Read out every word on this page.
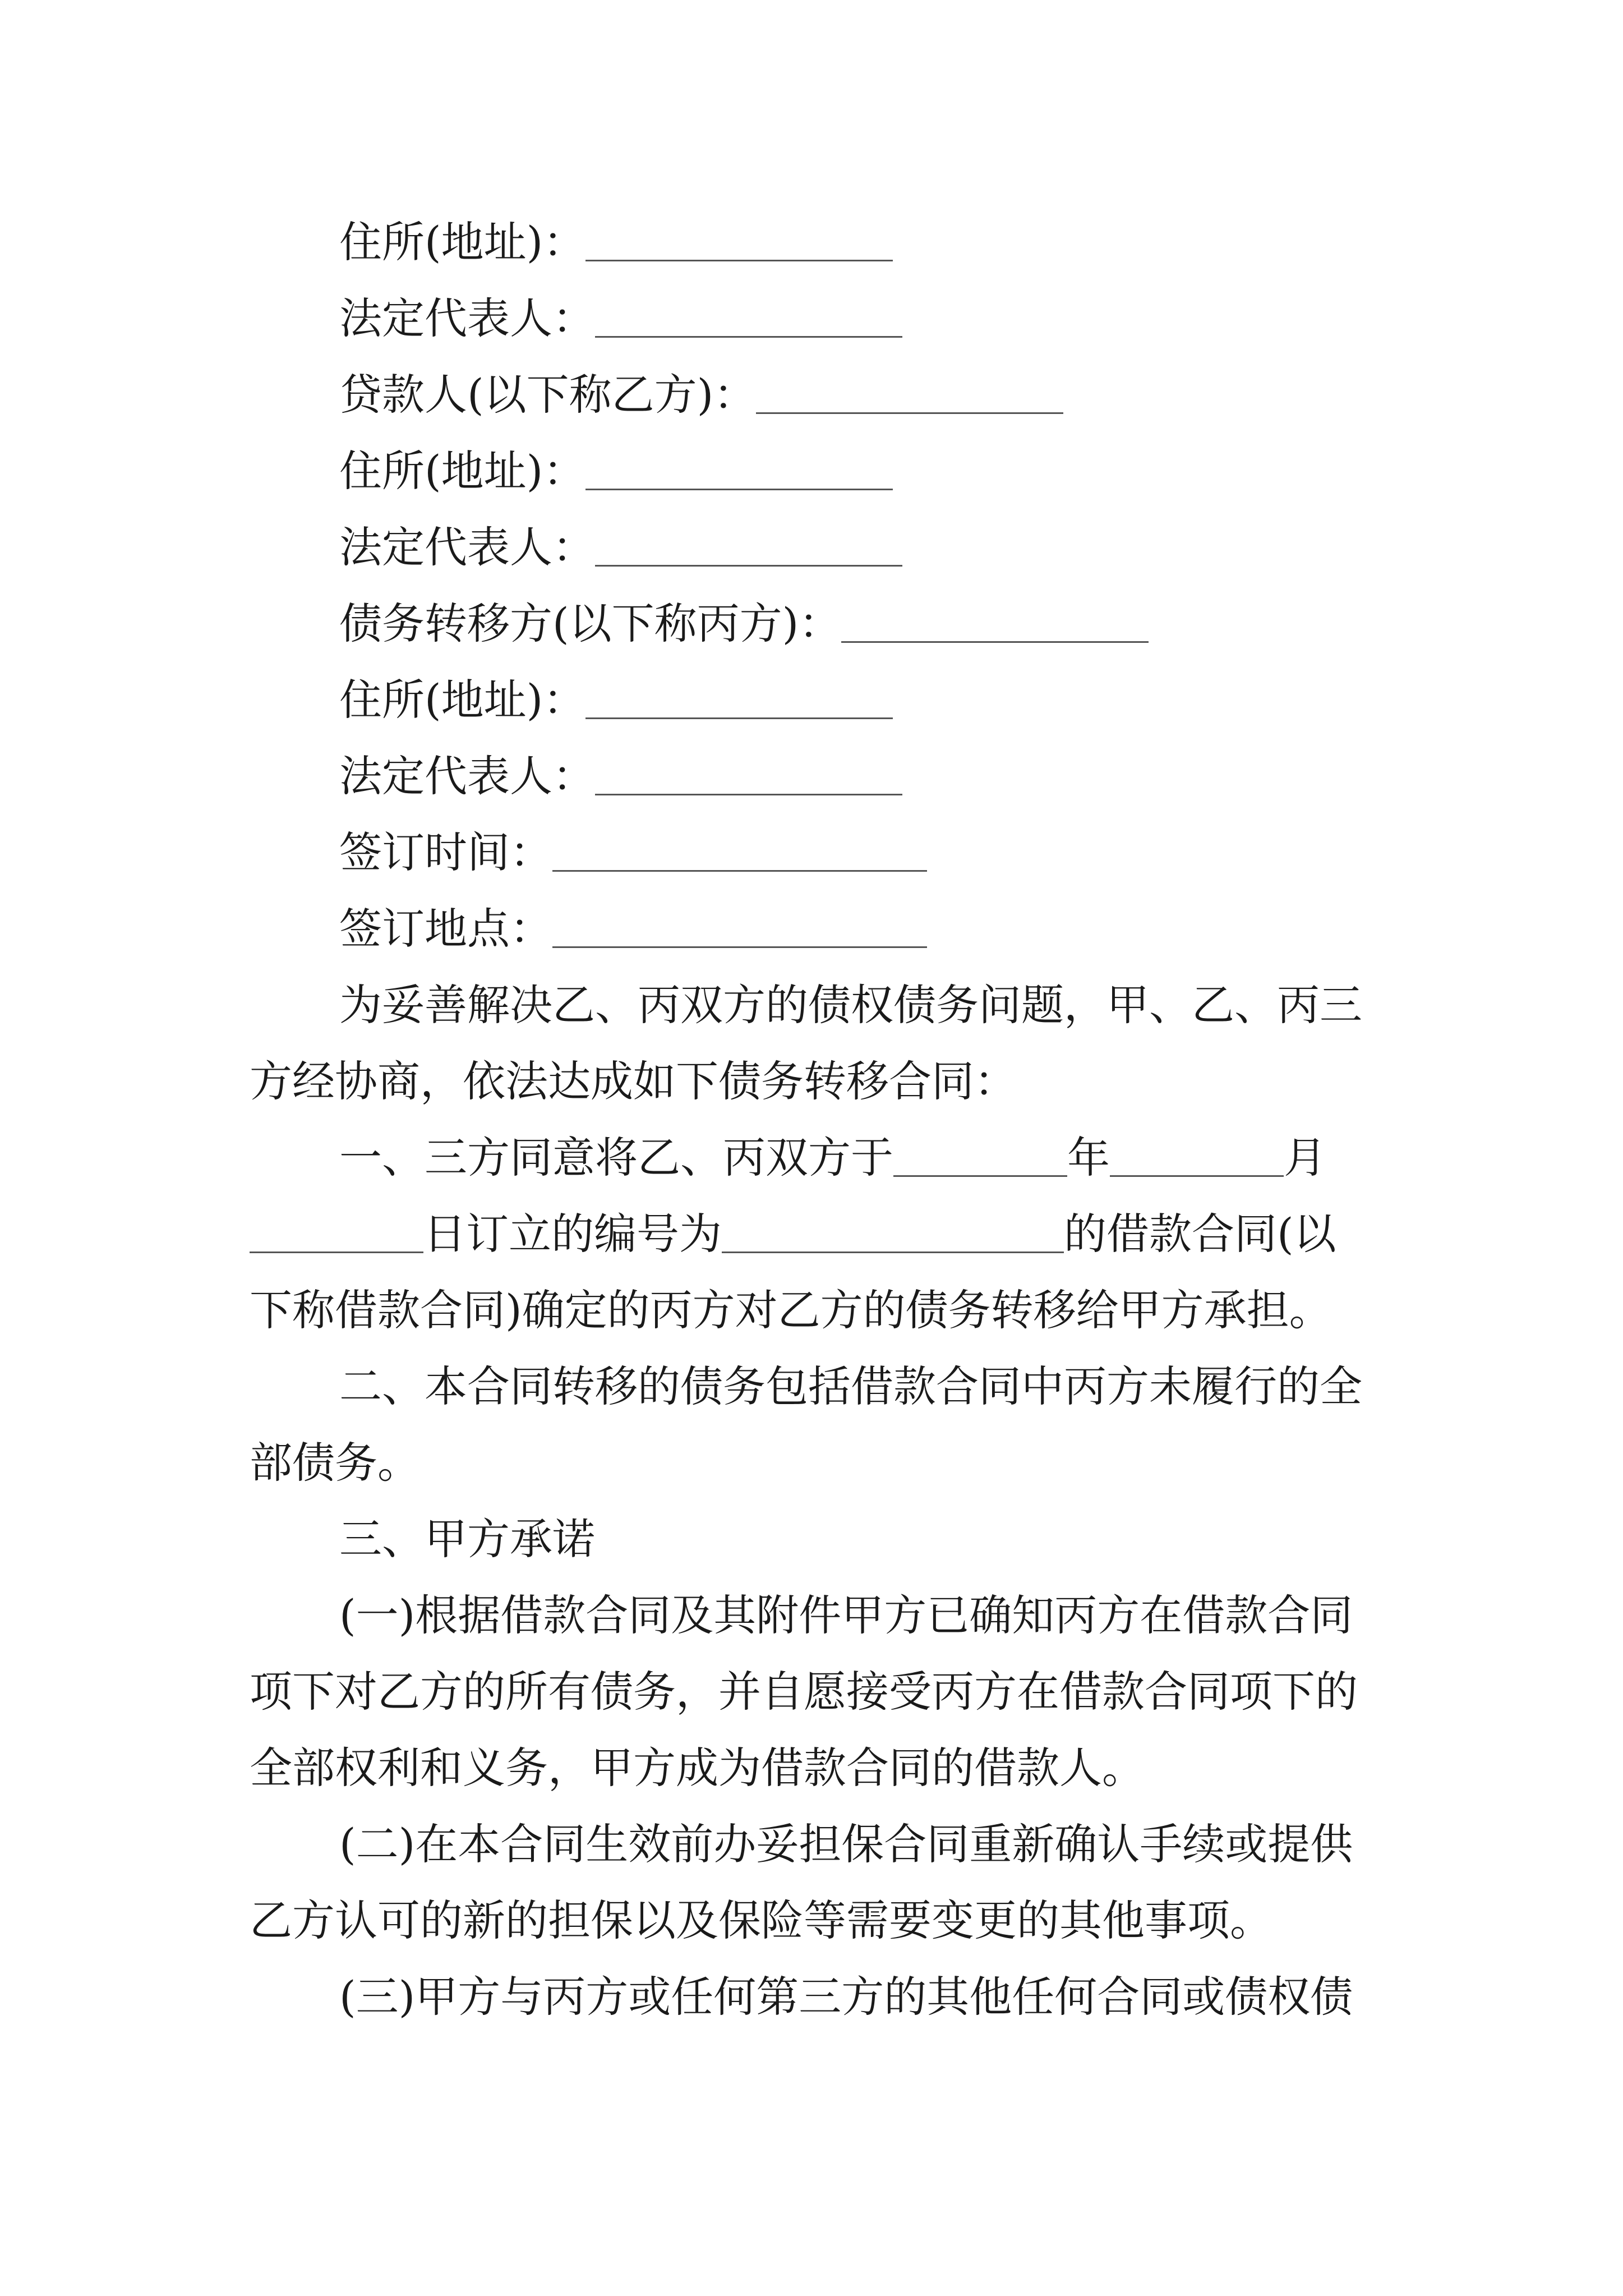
住所(地址)：

法定代表人：

贷款人(以下称乙方)：

住所(地址)：

法定代表人：

债务转移方(以下称丙方)：

住所(地址)：

法定代表人：

签订时间：

签订地点：

为妥善解决乙、丙双方的债权债务问题，甲、乙、丙三

方经协商，依法达成如下债务转移合同：

一、三方同意将乙、丙双方于	年	月

日订立的编号为	的借款合同(以

下称借款合同)确定的丙方对乙方的债务转移给甲方承担。

二、本合同转移的债务包括借款合同中丙方未履行的全

部债务。

三、甲方承诺

(一)根据借款合同及其附件甲方已确知丙方在借款合同

项下对乙方的所有债务，并自愿接受丙方在借款合同项下的

全部权利和义务，甲方成为借款合同的借款人。

(二)在本合同生效前办妥担保合同重新确认手续或提供

乙方认可的新的担保以及保险等需要变更的其他事项。

(三)甲方与丙方或任何第三方的其他任何合同或债权债
